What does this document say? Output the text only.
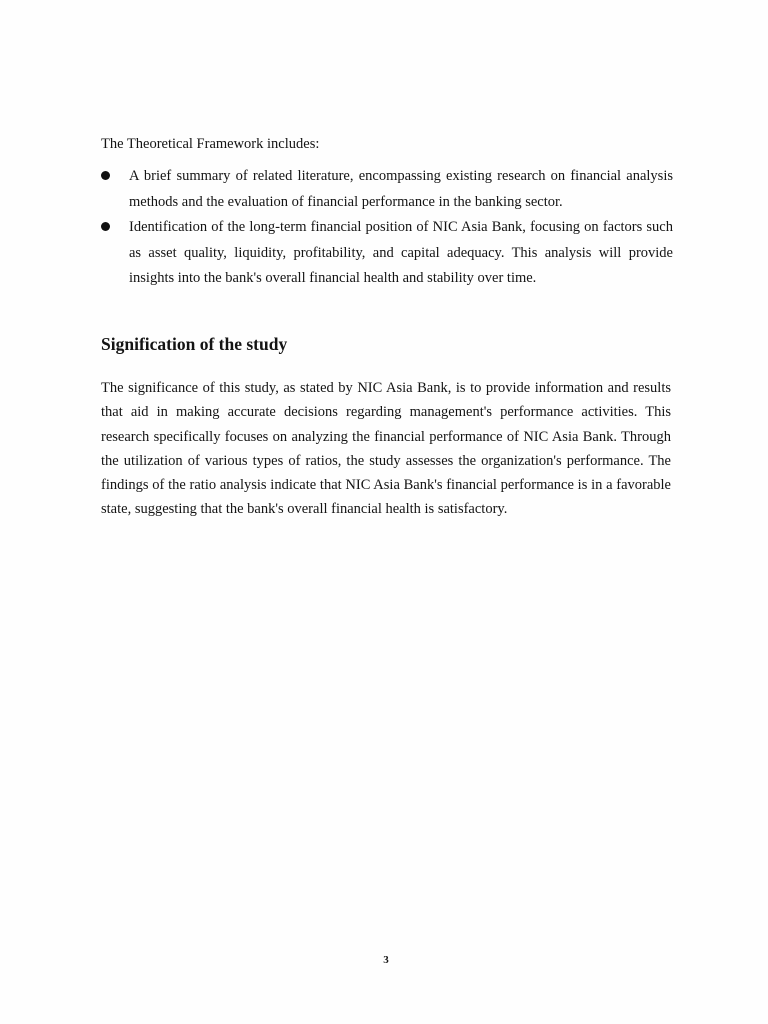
The Theoretical Framework includes:

A brief summary of related literature, encompassing existing research on financial analysis methods and the evaluation of financial performance in the banking sector.
Identification of the long-term financial position of NIC Asia Bank, focusing on factors such as asset quality, liquidity, profitability, and capital adequacy. This analysis will provide insights into the bank's overall financial health and stability over time.
Signification of the study

The significance of this study, as stated by NIC Asia Bank, is to provide information and results that aid in making accurate decisions regarding management's performance activities. This research specifically focuses on analyzing the financial performance of NIC Asia Bank. Through the utilization of various types of ratios, the study assesses the organization's performance. The findings of the ratio analysis indicate that NIC Asia Bank's financial performance is in a favorable state, suggesting that the bank's overall financial health is satisfactory.

3
